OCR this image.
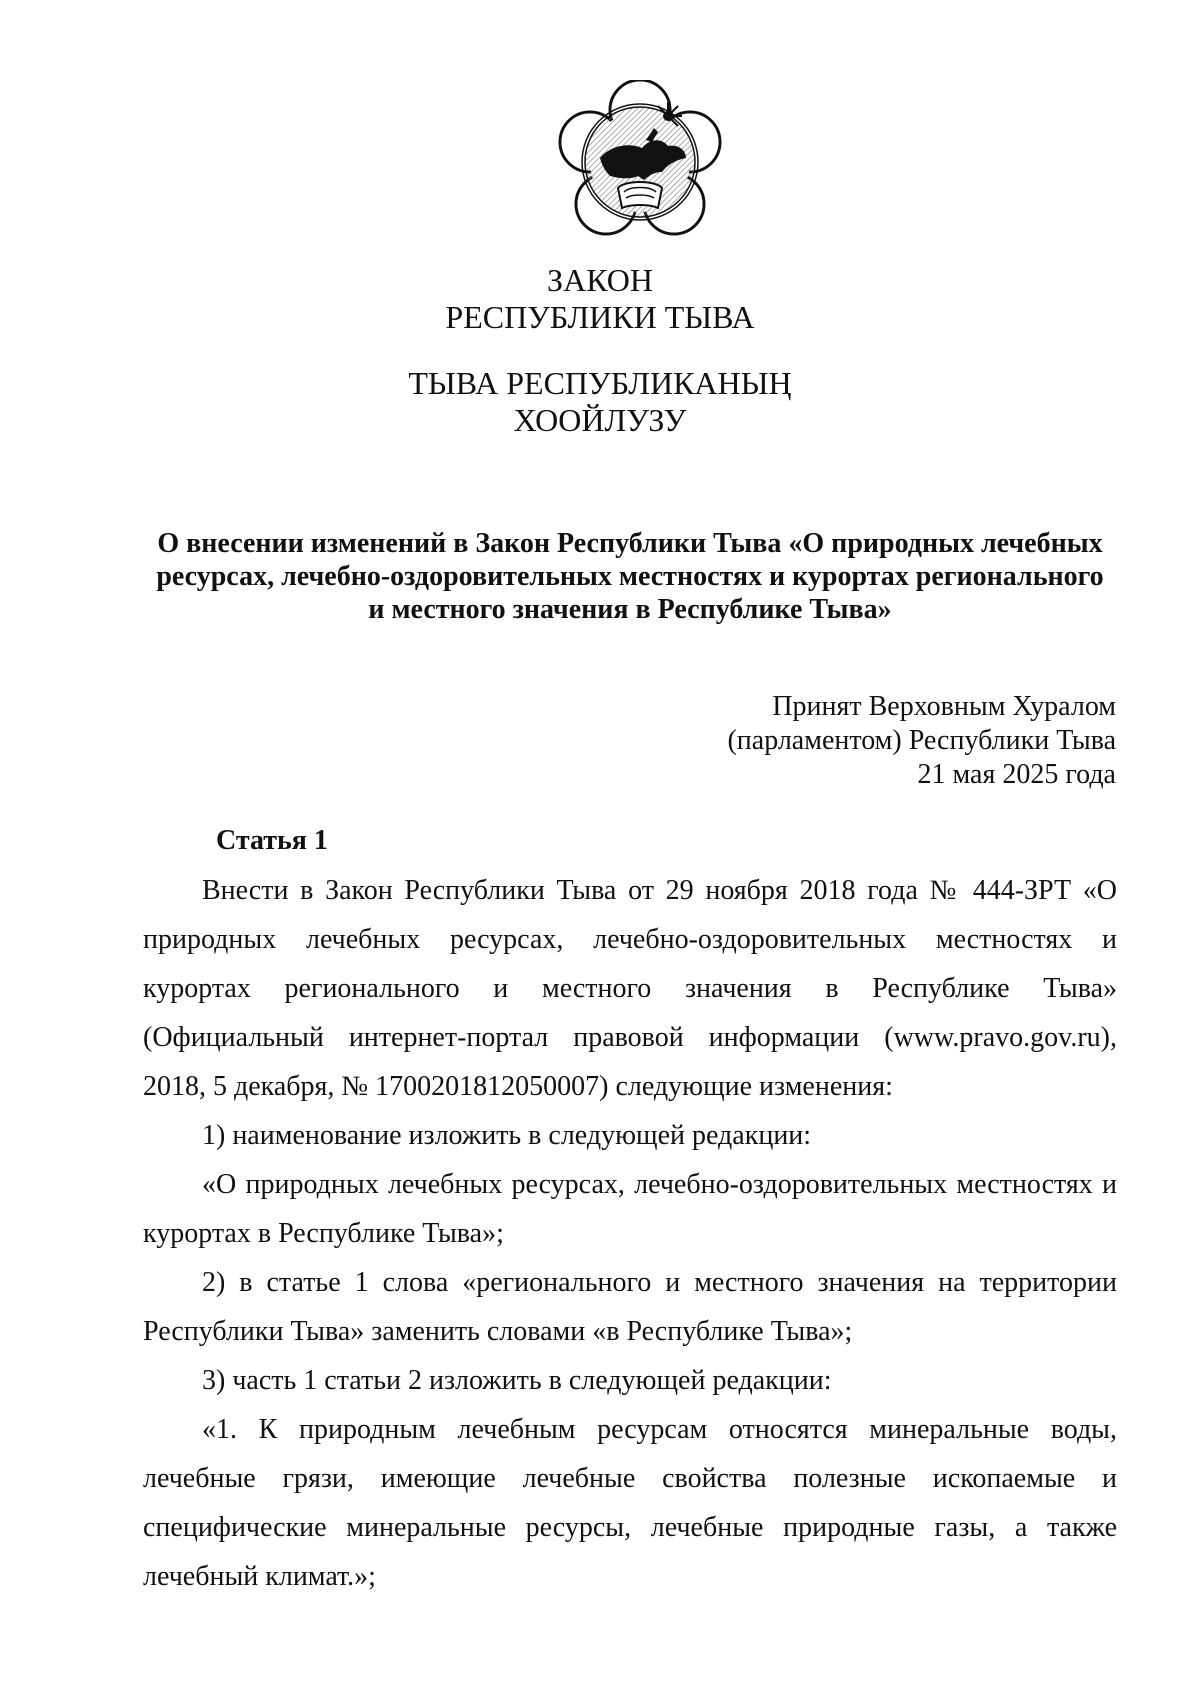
ЗАКОН
РЕСПУБЛИКИ ТЫВА
ТЫВА РЕСПУБЛИКАНЫҢ
ХООЙЛУЗУ
О внесении изменений в Закон Республики Тыва «О природных лечебных
ресурсах, лечебно-оздоровительных местностях и курортах регионального
и местного значения в Республике Тыва»
Принят Верховным Хуралом
(парламентом) Республики Тыва
21 мая 2025 года
Статья 1
Внести в Закон Республики Тыва от 29 ноября 2018 года № 444-ЗРТ «О
природных лечебных ресурсах, лечебно-оздоровительных местностях и
курортах регионального и местного значения в Республике Тыва»
(Официальный интернет-портал правовой информации (www.pravo.gov.ru),
2018, 5 декабря, № 1700201812050007) следующие изменения:
1) наименование изложить в следующей редакции:
«О природных лечебных ресурсах, лечебно-оздоровительных местностях и
курортах в Республике Тыва»;
2) в статье 1 слова «регионального и местного значения на территории
Республики Тыва» заменить словами «в Республике Тыва»;
3) часть 1 статьи 2 изложить в следующей редакции:
«1. К природным лечебным ресурсам относятся минеральные воды,
лечебные грязи, имеющие лечебные свойства полезные ископаемые и
специфические минеральные ресурсы, лечебные природные газы, а также
лечебный климат.»;
